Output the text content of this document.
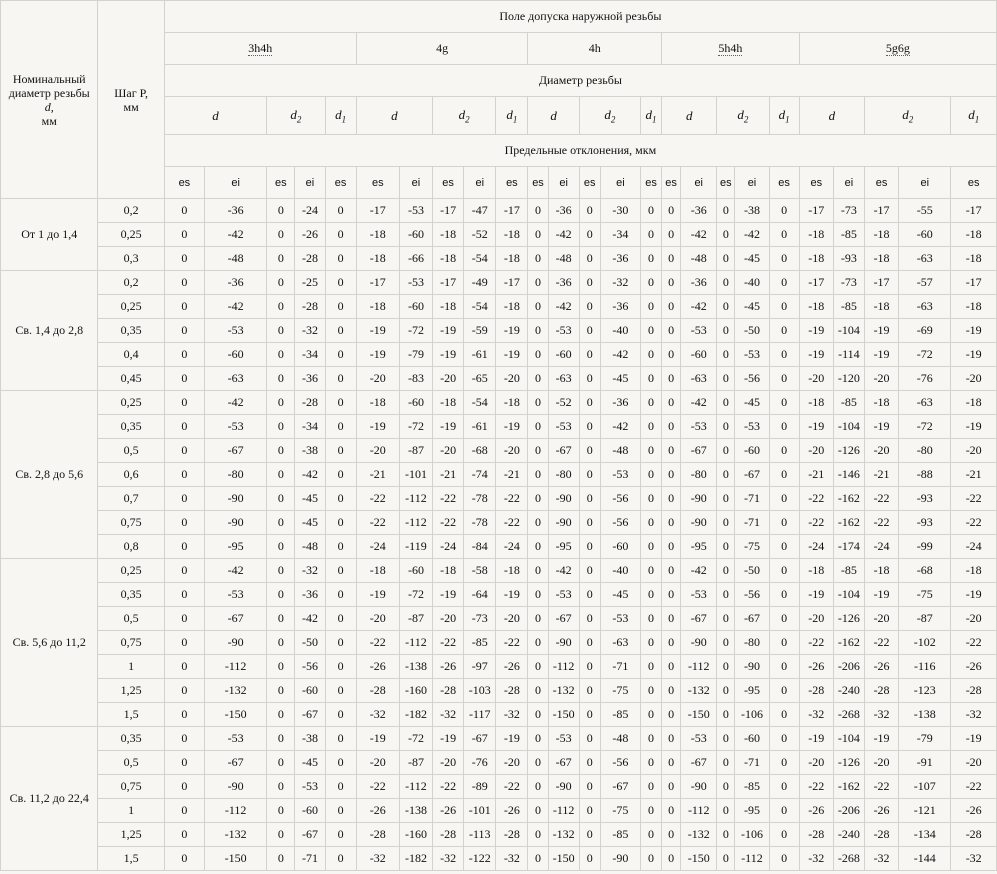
Номинальный
диаметр резьбы
d,
мм	Шаг P,
мм	Поле допуска наружной резьбы																								
		3h4h					4g					4h					5h4h					5g6g				
		Диаметр резьбы																								
		d		$d_2$		$d_1$	d		$d_2$		$d_1$	d		$d_2$		$d_1$	d		$d_2$		$d_1$	d		$d_2$		$d_1$
		Предельные отклонения, мкм																								
		es	ei	es	ei	es	es	ei	es	ei	es	es	ei	es	ei	es	es	ei	es	ei	es	es	ei	es	ei	es
От 1 до 1,4	0,2	0	-36	0	-24	0	-17	-53	-17	-47	-17	0	-36	0	-30	0	0	-36	0	-38	0	-17	-73	-17	-55	-17
	0,25	0	-42	0	-26	0	-18	-60	-18	-52	-18	0	-42	0	-34	0	0	-42	0	-42	0	-18	-85	-18	-60	-18
	0,3	0	-48	0	-28	0	-18	-66	-18	-54	-18	0	-48	0	-36	0	0	-48	0	-45	0	-18	-93	-18	-63	-18
Св. 1,4 до 2,8	0,2	0	-36	0	-25	0	-17	-53	-17	-49	-17	0	-36	0	-32	0	0	-36	0	-40	0	-17	-73	-17	-57	-17
	0,25	0	-42	0	-28	0	-18	-60	-18	-54	-18	0	-42	0	-36	0	0	-42	0	-45	0	-18	-85	-18	-63	-18
	0,35	0	-53	0	-32	0	-19	-72	-19	-59	-19	0	-53	0	-40	0	0	-53	0	-50	0	-19	-104	-19	-69	-19
	0,4	0	-60	0	-34	0	-19	-79	-19	-61	-19	0	-60	0	-42	0	0	-60	0	-53	0	-19	-114	-19	-72	-19
	0,45	0	-63	0	-36	0	-20	-83	-20	-65	-20	0	-63	0	-45	0	0	-63	0	-56	0	-20	-120	-20	-76	-20
Св. 2,8 до 5,6	0,25	0	-42	0	-28	0	-18	-60	-18	-54	-18	0	-52	0	-36	0	0	-42	0	-45	0	-18	-85	-18	-63	-18
	0,35	0	-53	0	-34	0	-19	-72	-19	-61	-19	0	-53	0	-42	0	0	-53	0	-53	0	-19	-104	-19	-72	-19
	0,5	0	-67	0	-38	0	-20	-87	-20	-68	-20	0	-67	0	-48	0	0	-67	0	-60	0	-20	-126	-20	-80	-20
	0,6	0	-80	0	-42	0	-21	-101	-21	-74	-21	0	-80	0	-53	0	0	-80	0	-67	0	-21	-146	-21	-88	-21
	0,7	0	-90	0	-45	0	-22	-112	-22	-78	-22	0	-90	0	-56	0	0	-90	0	-71	0	-22	-162	-22	-93	-22
	0,75	0	-90	0	-45	0	-22	-112	-22	-78	-22	0	-90	0	-56	0	0	-90	0	-71	0	-22	-162	-22	-93	-22
	0,8	0	-95	0	-48	0	-24	-119	-24	-84	-24	0	-95	0	-60	0	0	-95	0	-75	0	-24	-174	-24	-99	-24
Св. 5,6 до 11,2	0,25	0	-42	0	-32	0	-18	-60	-18	-58	-18	0	-42	0	-40	0	0	-42	0	-50	0	-18	-85	-18	-68	-18
	0,35	0	-53	0	-36	0	-19	-72	-19	-64	-19	0	-53	0	-45	0	0	-53	0	-56	0	-19	-104	-19	-75	-19
	0,5	0	-67	0	-42	0	-20	-87	-20	-73	-20	0	-67	0	-53	0	0	-67	0	-67	0	-20	-126	-20	-87	-20
	0,75	0	-90	0	-50	0	-22	-112	-22	-85	-22	0	-90	0	-63	0	0	-90	0	-80	0	-22	-162	-22	-102	-22
	1	0	-112	0	-56	0	-26	-138	-26	-97	-26	0	-112	0	-71	0	0	-112	0	-90	0	-26	-206	-26	-116	-26
	1,25	0	-132	0	-60	0	-28	-160	-28	-103	-28	0	-132	0	-75	0	0	-132	0	-95	0	-28	-240	-28	-123	-28
	1,5	0	-150	0	-67	0	-32	-182	-32	-117	-32	0	-150	0	-85	0	0	-150	0	-106	0	-32	-268	-32	-138	-32
Св. 11,2 до 22,4	0,35	0	-53	0	-38	0	-19	-72	-19	-67	-19	0	-53	0	-48	0	0	-53	0	-60	0	-19	-104	-19	-79	-19
	0,5	0	-67	0	-45	0	-20	-87	-20	-76	-20	0	-67	0	-56	0	0	-67	0	-71	0	-20	-126	-20	-91	-20
	0,75	0	-90	0	-53	0	-22	-112	-22	-89	-22	0	-90	0	-67	0	0	-90	0	-85	0	-22	-162	-22	-107	-22
	1	0	-112	0	-60	0	-26	-138	-26	-101	-26	0	-112	0	-75	0	0	-112	0	-95	0	-26	-206	-26	-121	-26
	1,25	0	-132	0	-67	0	-28	-160	-28	-113	-28	0	-132	0	-85	0	0	-132	0	-106	0	-28	-240	-28	-134	-28
	1,5	0	-150	0	-71	0	-32	-182	-32	-122	-32	0	-150	0	-90	0	0	-150	0	-112	0	-32	-268	-32	-144	-32
